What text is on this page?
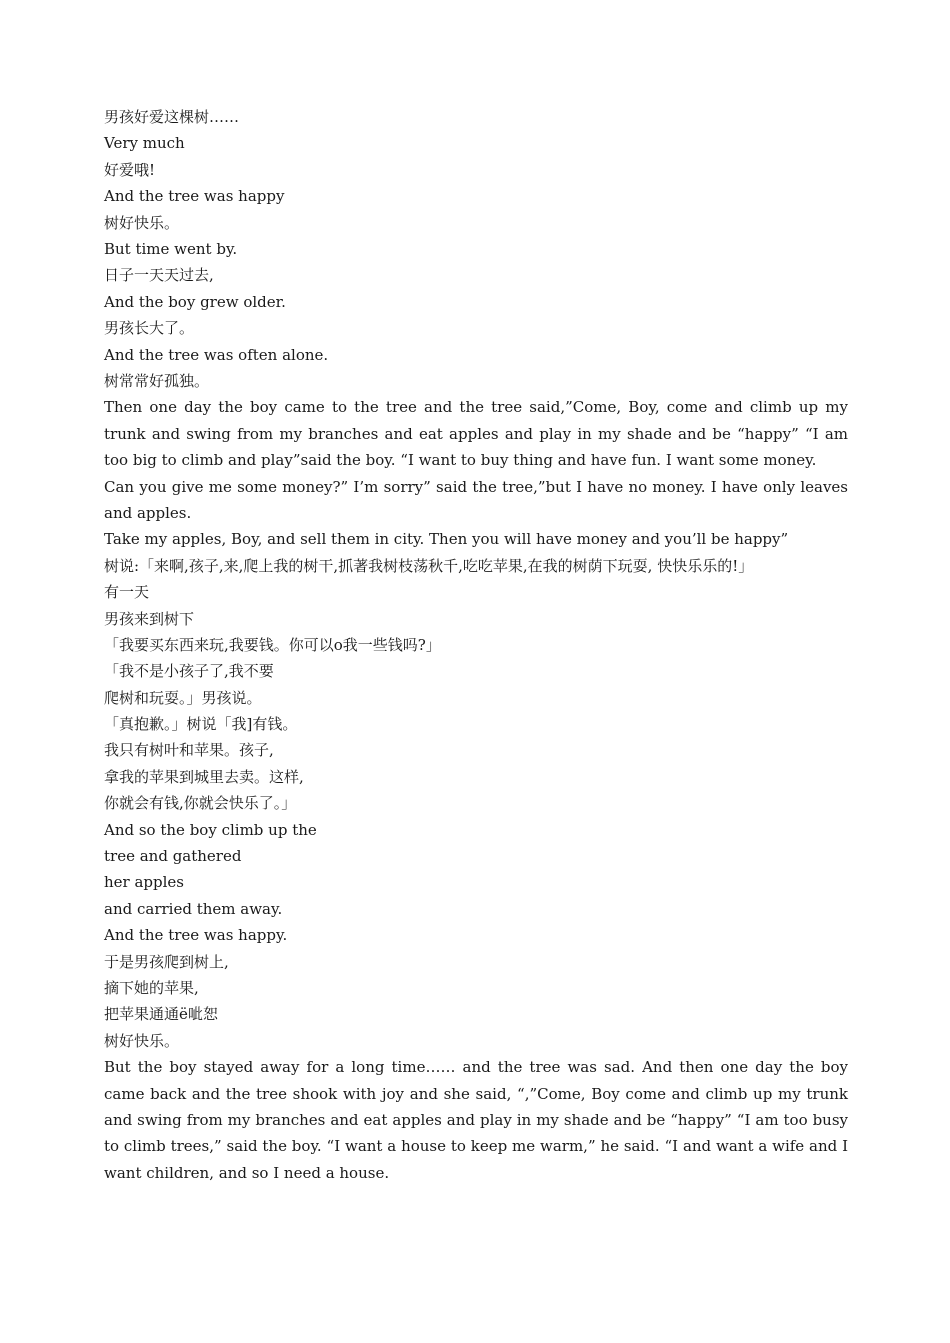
男孩好爱这棵树……
Very much
好爱哦!
And the tree was happy
树好快乐。
But time went by.
日子一天天过去,
And the boy grew older.
男孩长大了。
And the tree was often alone.
树常常好孤独。
Then one day the boy came to the tree and the tree said,”Come, Boy, come and climb up my trunk and swing from my branches and eat apples and play in my shade and be “happy” “I am too big to climb and play”said the boy. “I want to buy thing and have fun. I want some money.
Can you give me some money?” I’m sorry” said the tree,”but I have no money. I have only leaves and apples.
Take my apples, Boy, and sell them in city. Then you will have money and you’ll be happy”
树说:「来啊,孩子,来,爬上我的树干,抓著我树枝荡秋千,吃吃苹果,在我的树荫下玩耍, 快快乐乐的!」
有一天
男孩来到树下
「我要买东西来玩,我要钱。你可以o我一些钱吗?」
「我不是小孩子了,我不要
爬树和玩耍。」男孩说。
「真抱歉。」树说「我]有钱。
我只有树叶和苹果。孩子,
拿我的苹果到城里去卖。这样,
你就会有钱,你就会快乐了。」
And so the boy climb up the
tree and gathered
her apples
and carried them away.
And the tree was happy.
于是男孩爬到树上,
摘下她的苹果,
把苹果通通ё呲恕
树好快乐。
But the boy stayed away for a long time…… and the tree was sad. And then one day the boy came back and the tree shook with joy and she said, “,”Come, Boy come and climb up my trunk and swing from my branches and eat apples and play in my shade and be “happy” “I am too busy to climb trees,” said the boy. “I want a house to keep me warm,” he said. “I and want a wife and I want children, and so I need a house.
